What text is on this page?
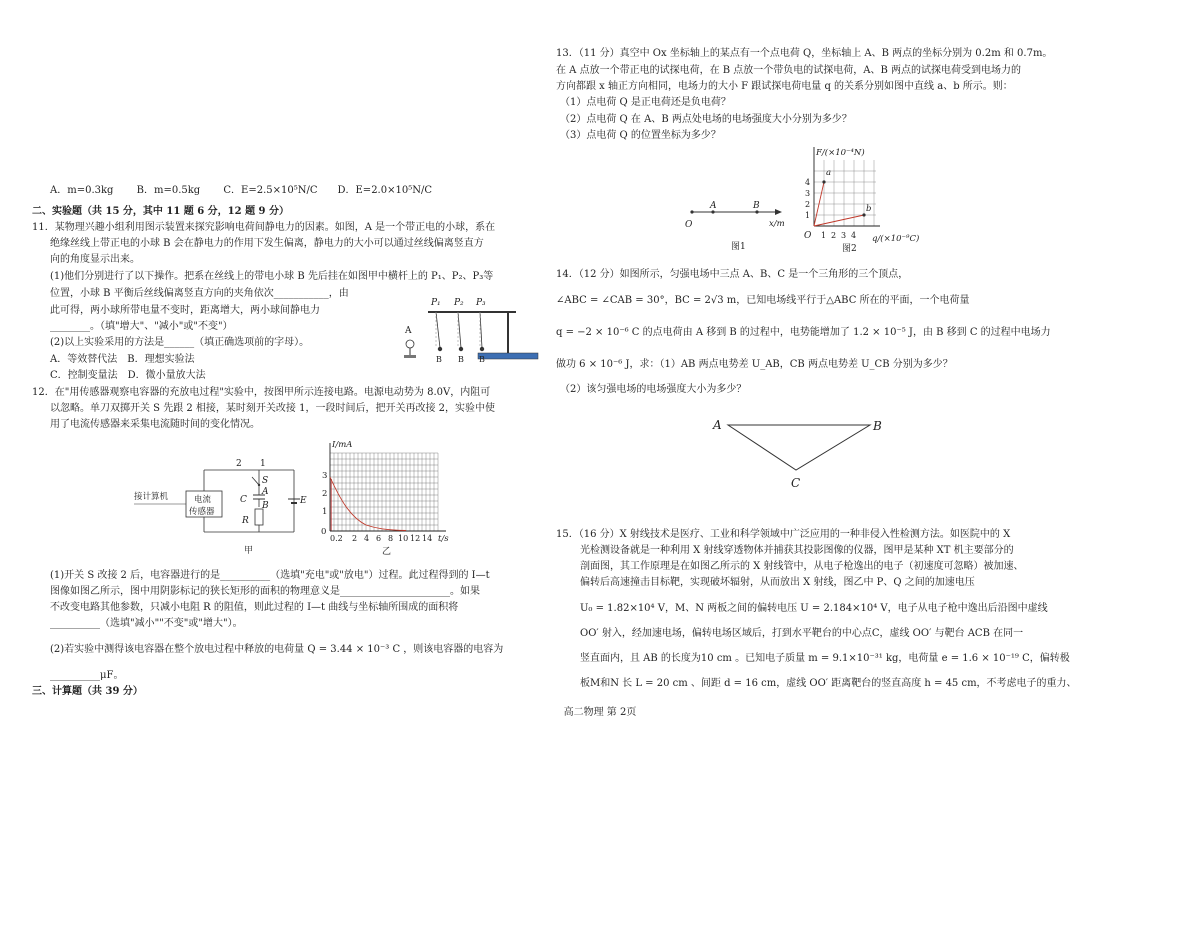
A．m=0.3kg　　 B．m=0.5kg　　 C．E=2.5×10⁵N/C　　D．E=2.0×10⁵N/C
二、实验题（共 15 分，其中 11 题 6 分，12 题 9 分）
11．某物理兴趣小组利用图示装置来探究影响电荷间静电力的因素。如图，A 是一个带正电的小球，系在
绝缘丝线上带正电的小球 B 会在静电力的作用下发生偏离，静电力的大小可以通过丝线偏离竖直方
向的角度显示出来。
(1)他们分别进行了以下操作。把系在丝线上的带电小球 B 先后挂在如图甲中横杆上的 P₁、P₂、P₃等
位置，小球 B 平衡后丝线偏离竖直方向的夹角依次___________，由
此可得，两小球所带电量不变时，距离增大，两小球间静电力
________。（填"增大"、"减小"或"不变"）
(2)以上实验采用的方法是______（填正确选项前的字母）。
A．等效替代法　B．理想实验法
C．控制变量法　D．微小量放大法
P₁ P₂ P₃
B B B
A
12．在"用传感器观察电容器的充放电过程"实验中，按图甲所示连接电路。电源电动势为 8.0V，内阻可
以忽略。单刀双掷开关 S 先跟 2 相接，某时刻开关改接 1，一段时间后，把开关再改接 2，实验中使
用了电流传感器来采集电流随时间的变化情况。
2 1
S
接计算机	电流
传感器
C
A
B
R
E
甲
I/mA
3
2
1
0
0.2 2 4 6 8 10 12 14 t/s
乙
(1)开关 S 改接 2 后，电容器进行的是__________（选填"充电"或"放电"）过程。此过程得到的 I—t
图像如图乙所示，图中用阴影标记的狭长矩形的面积的物理意义是______________________。如果
不改变电路其他参数，只减小电阻 R 的阻值，则此过程的 I—t 曲线与坐标轴所围成的面积将
__________（选填"减小""不变"或"增大"）。
(2)若实验中测得该电容器在整个放电过程中释放的电荷量 Q = 3.44 × 10⁻³ C ，则该电容器的电容为
__________μF。
三、计算题（共 39 分）
13．（11 分）真空中 Ox 坐标轴上的某点有一个点电荷 Q，坐标轴上 A、B 两点的坐标分别为 0.2m 和 0.7m。
在 A 点放一个带正电的试探电荷，在 B 点放一个带负电的试探电荷，A、B 两点的试探电荷受到电场力的
方向都跟 x 轴正方向相同，电场力的大小 F 跟试探电荷电量 q 的关系分别如图中直线 a、b 所示。则：
（1）点电荷 Q 是正电荷还是负电荷？
（2）点电荷 Q 在 A、B 两点处电场的电场强度大小分别为多少？
（3）点电荷 Q 的位置坐标为多少？
O
A	B
x/m
图1
F/(×10⁻⁴N)
4
3
2
1
O 1 2 3 4 q/(×10⁻⁹C)
a
b
图2
14．（12 分）如图所示，匀强电场中三点 A、B、C 是一个三角形的三个顶点，
∠ABC = ∠CAB = 30°，BC = 2√3 m，已知电场线平行于△ABC 所在的平面，一个电荷量
q = −2 × 10⁻⁶ C 的点电荷由 A 移到 B 的过程中，电势能增加了 1.2 × 10⁻⁵ J，由 B 移到 C 的过程中电场力
做功 6 × 10⁻⁶ J，求：（1）AB 两点电势差 U_AB，CB 两点电势差 U_CB 分别为多少？
（2）该匀强电场的电场强度大小为多少？
A	B
C
15．（16 分）X 射线技术是医疗、工业和科学领域中广泛应用的一种非侵入性检测方法。如医院中的 X
光检测设备就是一种利用 X 射线穿透物体并捕获其投影图像的仪器，图甲是某种 XT 机主要部分的
剖面图，其工作原理是在如图乙所示的 X 射线管中，从电子枪逸出的电子（初速度可忽略）被加速、
偏转后高速撞击目标靶，实现破坏辐射，从而放出 X 射线，图乙中 P、Q 之间的加速电压
U₀ = 1.82×10⁴ V，M、N 两板之间的偏转电压 U = 2.184×10⁴ V，电子从电子枪中逸出后沿图中虚线
OO′ 射入，经加速电场，偏转电场区域后，打到水平靶台的中心点C，虚线 OO′ 与靶台 ACB 在同一
竖直面内，且 AB 的长度为10 cm 。已知电子质量 m = 9.1×10⁻³¹ kg，电荷量 e = 1.6 × 10⁻¹⁹ C，偏转极
板M和N 长 L = 20 cm 、间距 d = 16 cm，虚线 OO′ 距离靶台的竖直高度 h = 45 cm，不考虑电子的重力、
高二物理 第 2页
